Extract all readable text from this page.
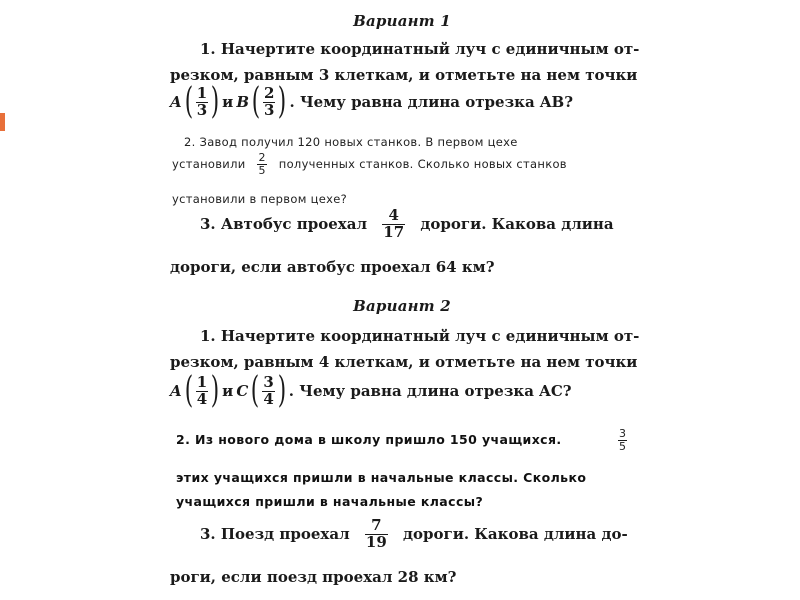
Вариант 1
1. Начертите координатный луч с единичным от-
резком, равным 3 клеткам, и отметьте на нем точки
$A( \frac{1}{3}$ ) и $B( \frac{2}{3}$ ) . Чему равна длина отрезка AB?
2. Завод получил 120 новых станков. В первом цехе
установили $\frac{2}{5}$ полученных станков. Сколько новых станков
установили в первом цехе?
3. Автобус проехал $\frac{4}{17}$ дороги. Какова длина
дороги, если автобус проехал 64 км?
Вариант 2
1. Начертите координатный луч с единичным от-
резком, равным 4 клеткам, и отметьте на нем точки
$A( \frac{1}{4}$ ) и $C( \frac{3}{4}$ ) . Чему равна длина отрезка AC?
2. Из нового дома в школу пришло 150 учащихся.	$\frac{3}{5}$
этих учащихся пришли в начальные классы. Сколько
учащихся пришли в начальные классы?
3. Поезд проехал $\frac{7}{19}$ дороги. Какова длина до-
роги, если поезд проехал 28 км?
